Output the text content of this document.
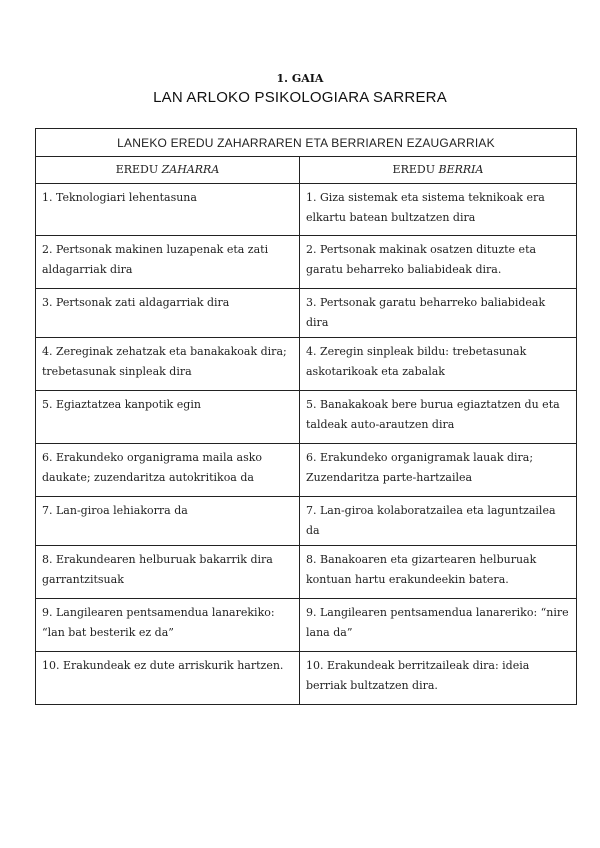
1. GAIA
LAN ARLOKO PSIKOLOGIARA SARRERA
LANEKO EREDU ZAHARRAREN ETA BERRIAREN EZAUGARRIAK	
EREDU ZAHARRA	EREDU BERRIA
1. Teknologiari lehentasuna	1. Giza sistemak eta sistema teknikoak era elkartu batean bultzatzen dira
2. Pertsonak makinen luzapenak eta zati aldagarriak dira	2. Pertsonak makinak osatzen dituzte eta garatu beharreko baliabideak dira.
3. Pertsonak zati aldagarriak dira	3. Pertsonak garatu beharreko baliabideak dira
4. Zereginak zehatzak eta banakakoak dira; trebetasunak sinpleak dira	4. Zeregin sinpleak bildu: trebetasunak askotarikoak eta zabalak
5. Egiaztatzea kanpotik egin	5. Banakakoak bere burua egiaztatzen du eta taldeak auto-arautzen dira
6. Erakundeko organigrama maila asko daukate; zuzendaritza autokritikoa da	6. Erakundeko organigramak lauak dira; Zuzendaritza parte-hartzailea
7. Lan-giroa lehiakorra da	7. Lan-giroa kolaboratzailea eta laguntzailea da
8. Erakundearen helburuak bakarrik dira garrantzitsuak	8. Banakoaren eta gizartearen helburuak kontuan hartu erakundeekin batera.
9. Langilearen pentsamendua lanarekiko: “lan bat besterik ez da”	9. Langilearen pentsamendua lanareriko: “nire lana da”
10. Erakundeak ez dute arriskurik hartzen.	10. Erakundeak berritzaileak dira: ideia berriak bultzatzen dira.
